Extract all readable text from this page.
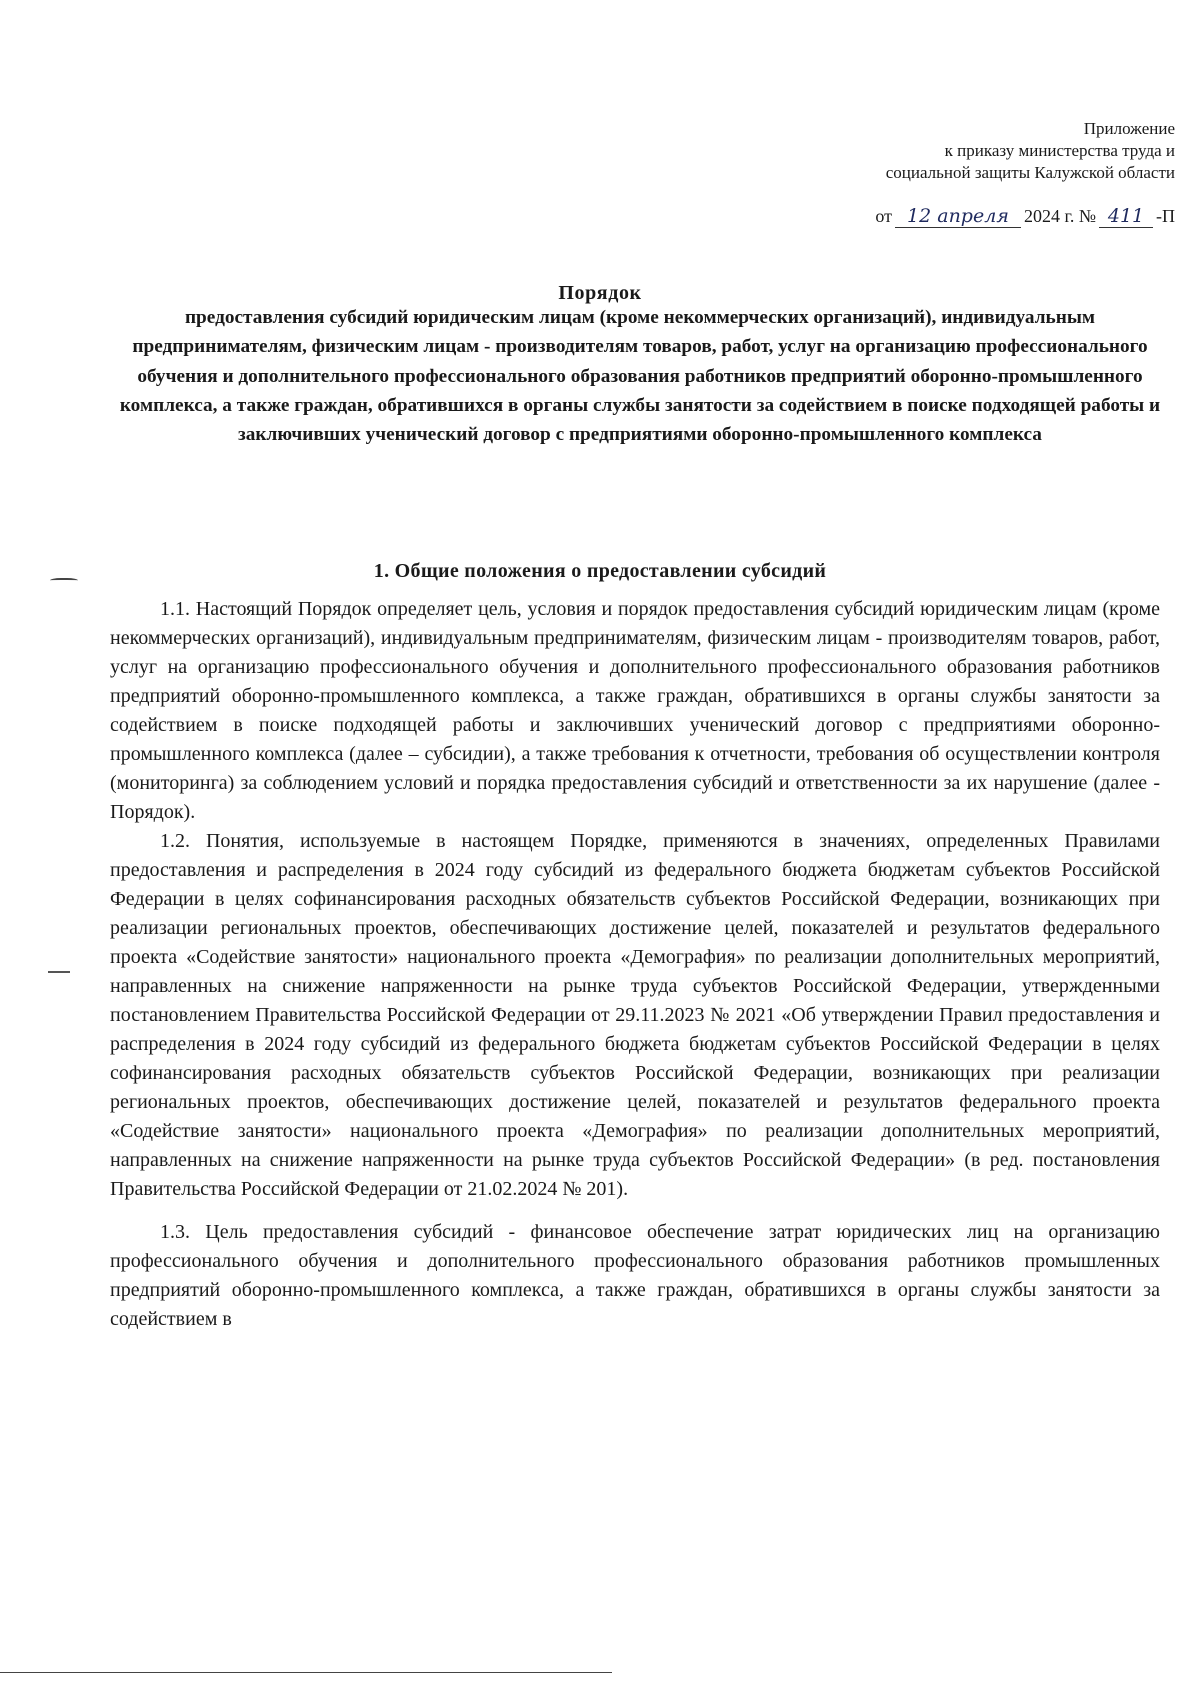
Приложение
к приказу министерства труда и
социальной защиты Калужской области
от 12 апреля 2024 г. № 411 -П
Порядок
предоставления субсидий юридическим лицам (кроме некоммерческих организаций), индивидуальным предпринимателям, физическим лицам - производителям товаров, работ, услуг на организацию профессионального обучения и дополнительного профессионального образования работников предприятий оборонно-промышленного комплекса, а также граждан, обратившихся в органы службы занятости за содействием в поиске подходящей работы и заключивших ученический договор с предприятиями оборонно-промышленного комплекса
1. Общие положения о предоставлении субсидий

1.1. Настоящий Порядок определяет цель, условия и порядок предоставления субсидий юридическим лицам (кроме некоммерческих организаций), индивидуальным предпринимателям, физическим лицам - производителям товаров, работ, услуг на организацию профессионального обучения и дополнительного профессионального образования работников предприятий оборонно-промышленного комплекса, а также граждан, обратившихся в органы службы занятости за содействием в поиске подходящей работы и заключивших ученический договор с предприятиями оборонно-промышленного комплекса (далее – субсидии), а также требования к отчетности, требования об осуществлении контроля (мониторинга) за соблюдением условий и порядка предоставления субсидий и ответственности за их нарушение (далее - Порядок).

1.2. Понятия, используемые в настоящем Порядке, применяются в значениях, определенных Правилами предоставления и распределения в 2024 году субсидий из федерального бюджета бюджетам субъектов Российской Федерации в целях софинансирования расходных обязательств субъектов Российской Федерации, возникающих при реализации региональных проектов, обеспечивающих достижение целей, показателей и результатов федерального проекта «Содействие занятости» национального проекта «Демография» по реализации дополнительных мероприятий, направленных на снижение напряженности на рынке труда субъектов Российской Федерации, утвержденными постановлением Правительства Российской Федерации от 29.11.2023 № 2021 «Об утверждении Правил предоставления и распределения в 2024 году субсидий из федерального бюджета бюджетам субъектов Российской Федерации в целях софинансирования расходных обязательств субъектов Российской Федерации, возникающих при реализации региональных проектов, обеспечивающих достижение целей, показателей и результатов федерального проекта «Содействие занятости» национального проекта «Демография» по реализации дополнительных мероприятий, направленных на снижение напряженности на рынке труда субъектов Российской Федерации» (в ред. постановления Правительства Российской Федерации от 21.02.2024 № 201).

1.3. Цель предоставления субсидий - финансовое обеспечение затрат юридических лиц на организацию профессионального обучения и дополнительного профессионального образования работников промышленных предприятий оборонно-промышленного комплекса, а также граждан, обратившихся в органы службы занятости за содействием в
